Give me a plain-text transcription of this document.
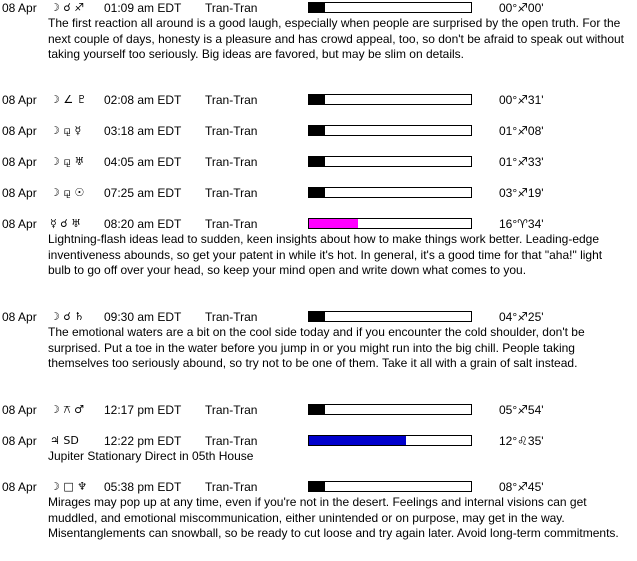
08 Apr ☽ ☌ ♐ 01:09 am EDT Tran-Tran	00°♐00'
The first reaction all around is a good laugh, especially when people are surprised by the open truth. For the next couple of days, honesty is a pleasure and has crowd appeal, too, so don't be afraid to speak out without taking yourself too seriously. Big ideas are favored, but may be slim on details.
08 Apr ☽ ∠ ♇ 02:08 am EDT Tran-Tran	00°♐31'
08 Apr ☽ ⚼ ☿ 03:18 am EDT Tran-Tran	01°♐08'
08 Apr ☽ ⚼ ♅ 04:05 am EDT Tran-Tran	01°♐33'
08 Apr ☽ ⚼ ☉ 07:25 am EDT Tran-Tran	03°♐19'
08 Apr ☿ ☌ ♅ 08:20 am EDT Tran-Tran	16°♈34'
Lightning-flash ideas lead to sudden, keen insights about how to make things work better. Leading-edge inventiveness abounds, so get your patent in while it's hot. In general, it's a good time for that "aha!" light bulb to go off over your head, so keep your mind open and write down what comes to you.
08 Apr ☽ ☌ ♄ 09:30 am EDT Tran-Tran	04°♐25'
The emotional waters are a bit on the cool side today and if you encounter the cold shoulder, don't be surprised. Put a toe in the water before you jump in or you might run into the big chill. People taking themselves too seriously abound, so try not to be one of them. Take it all with a grain of salt instead.
08 Apr ☽ ⚻ ♂ 12:17 pm EDT Tran-Tran	05°♐54'
08 Apr ♃ SD 12:22 pm EDT Tran-Tran	12°♌35'
Jupiter Stationary Direct in 05th House
08 Apr ☽ □ ♆ 05:38 pm EDT Tran-Tran	08°♐45'
Mirages may pop up at any time, even if you're not in the desert. Feelings and internal visions can get muddled, and emotional miscommunication, either unintended or on purpose, may get in the way. Misentanglements can snowball, so be ready to cut loose and try again later. Avoid long-term commitments.
